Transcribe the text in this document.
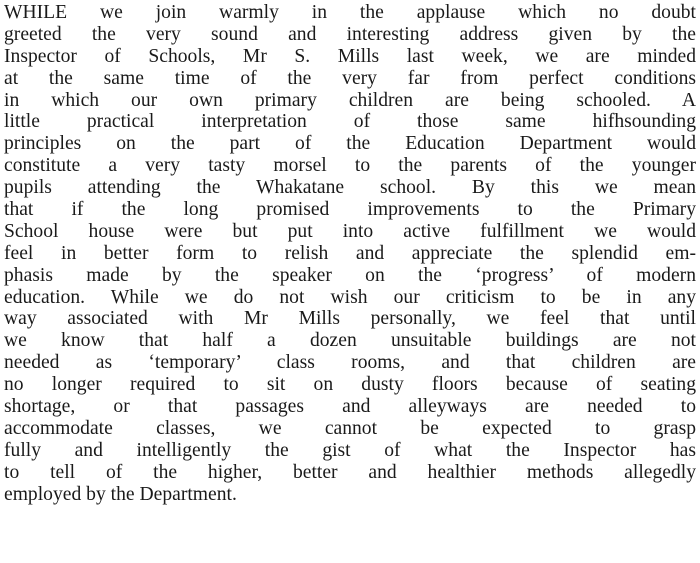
WHILE we join warmly in the applause which no doubt
greeted the very sound and interesting address given by the
Inspector of Schools, Mr S. Mills last week, we are minded
at the same time of the very far from perfect conditions
in which our own primary children are being schooled. A
little practical interpretation of those same hifhsounding
principles on the part of the Education Department would
constitute a very tasty morsel to the parents of the younger
pupils attending the Whakatane school. By this we mean
that if the long promised improvements to the Primary
School house were but put into active fulfillment we would
feel in better form to relish and appreciate the splendid em-
phasis made by the speaker on the ‘progress’ of modern
education. While we do not wish our criticism to be in any
way associated with Mr Mills personally, we feel that until
we know that half a dozen unsuitable buildings are not
needed as ‘temporary’ class rooms, and that children are
no longer required to sit on dusty floors because of seating
shortage, or that passages and alleyways are needed to
accommodate classes, we cannot be expected to grasp
fully and intelligently the gist of what the Inspector has
to tell of the higher, better and healthier methods allegedly
employed by the Department.
